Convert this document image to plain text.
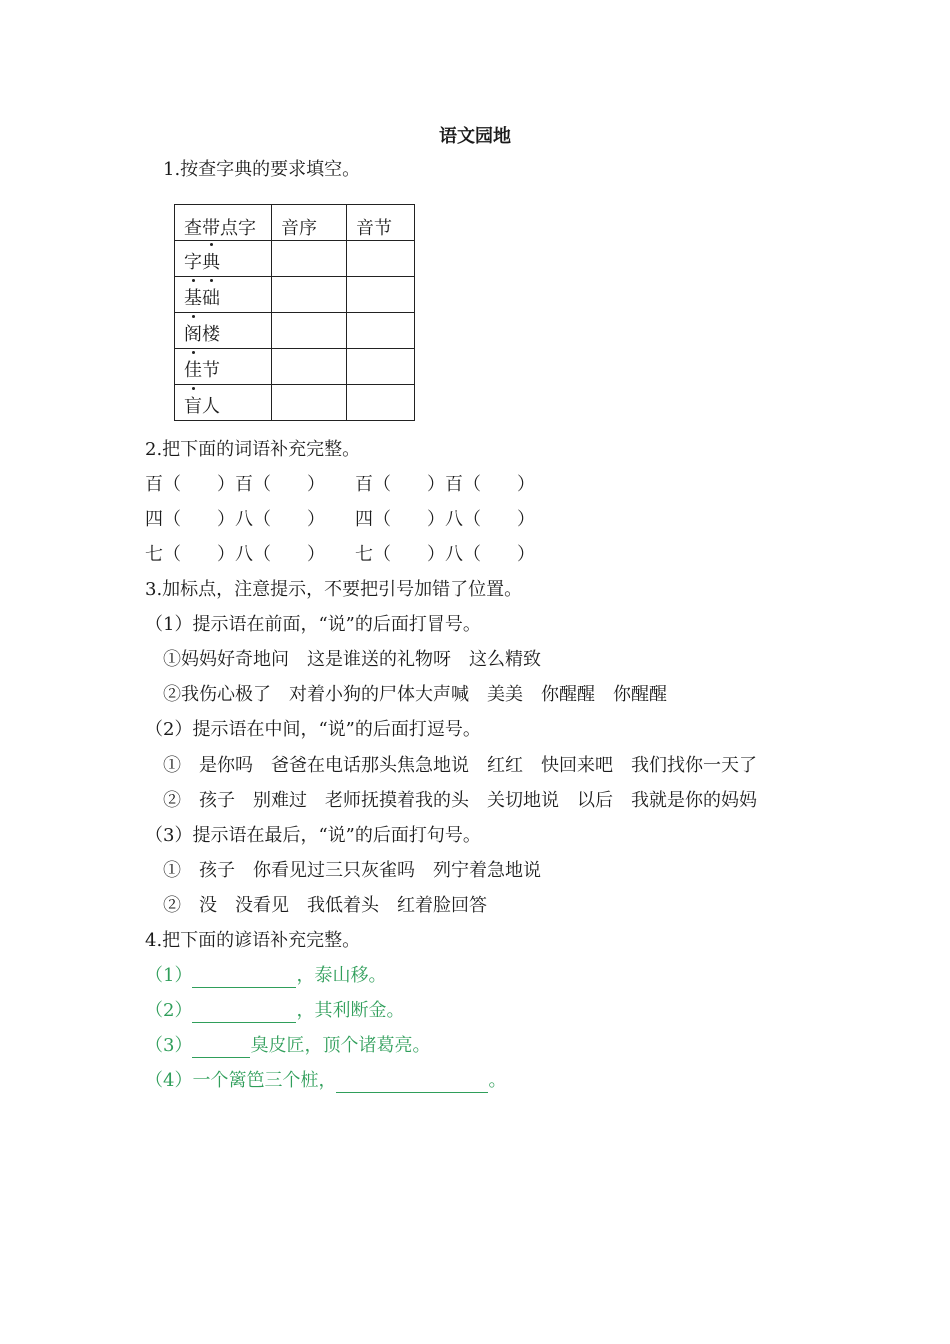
语文园地
1.按查字典的要求填空。
查带点字	音序	音节
字典		
基础		
阁楼		
佳节		
盲人		
2.把下面的词语补充完整。
百（　　）百（　　） 百（　　）百（　　）
四（　　）八（　　） 四（　　）八（　　）
七（　　）八（　　） 七（　　）八（　　）
3.加标点，注意提示，不要把引号加错了位置。
（1）提示语在前面，“说”的后面打冒号。
①妈妈好奇地问　这是谁送的礼物呀　这么精致
②我伤心极了　对着小狗的尸体大声喊　美美　你醒醒　你醒醒
（2）提示语在中间，“说”的后面打逗号。
①　是你吗　爸爸在电话那头焦急地说　红红　快回来吧　我们找你一天了
②　孩子　别难过　老师抚摸着我的头　关切地说　以后　我就是你的妈妈
（3）提示语在最后，“说”的后面打句号。
①　孩子　你看见过三只灰雀吗　列宁着急地说
②　没　没看见　我低着头　红着脸回答
4.把下面的谚语补充完整。
（1）	，泰山移。
（2）	，其利断金。
（3）	臭皮匠，顶个诸葛亮。
（4）一个篱笆三个桩，	。
